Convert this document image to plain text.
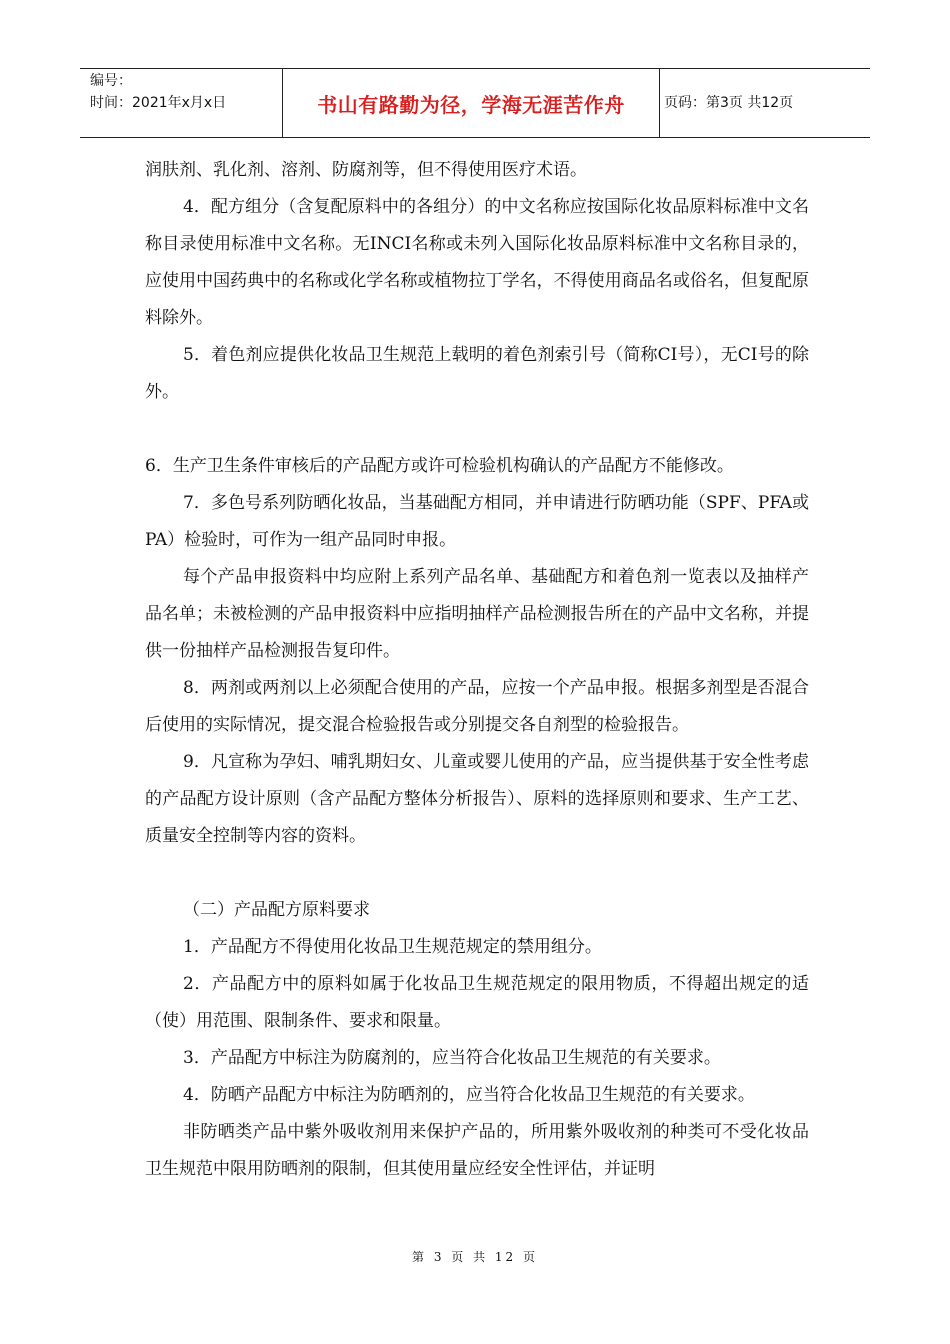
编号：
时间：2021年x月x日	书山有路勤为径，学海无涯苦作舟	页码：第3页 共12页

润肤剂、乳化剂、溶剂、防腐剂等，但不得使用医疗术语。

4．配方组分（含复配原料中的各组分）的中文名称应按国际化妆品原料标准中文名称目录使用标准中文名称。无INCI名称或未列入国际化妆品原料标准中文名称目录的，应使用中国药典中的名称或化学名称或植物拉丁学名，不得使用商品名或俗名，但复配原料除外。

5．着色剂应提供化妆品卫生规范上载明的着色剂索引号（简称CI号），无CI号的除外。

6．生产卫生条件审核后的产品配方或许可检验机构确认的产品配方不能修改。

7．多色号系列防晒化妆品，当基础配方相同，并申请进行防晒功能（SPF、PFA或PA）检验时，可作为一组产品同时申报。

每个产品申报资料中均应附上系列产品名单、基础配方和着色剂一览表以及抽样产品名单；未被检测的产品申报资料中应指明抽样产品检测报告所在的产品中文名称，并提供一份抽样产品检测报告复印件。

8．两剂或两剂以上必须配合使用的产品，应按一个产品申报。根据多剂型是否混合后使用的实际情况，提交混合检验报告或分别提交各自剂型的检验报告。

9．凡宣称为孕妇、哺乳期妇女、儿童或婴儿使用的产品，应当提供基于安全性考虑的产品配方设计原则（含产品配方整体分析报告）、原料的选择原则和要求、生产工艺、质量安全控制等内容的资料。

（二）产品配方原料要求

1．产品配方不得使用化妆品卫生规范规定的禁用组分。

2．产品配方中的原料如属于化妆品卫生规范规定的限用物质，不得超出规定的适（使）用范围、限制条件、要求和限量。

3．产品配方中标注为防腐剂的，应当符合化妆品卫生规范的有关要求。

4．防晒产品配方中标注为防晒剂的，应当符合化妆品卫生规范的有关要求。

非防晒类产品中紫外吸收剂用来保护产品的，所用紫外吸收剂的种类可不受化妆品卫生规范中限用防晒剂的限制，但其使用量应经安全性评估，并证明

第 3 页 共 12 页
